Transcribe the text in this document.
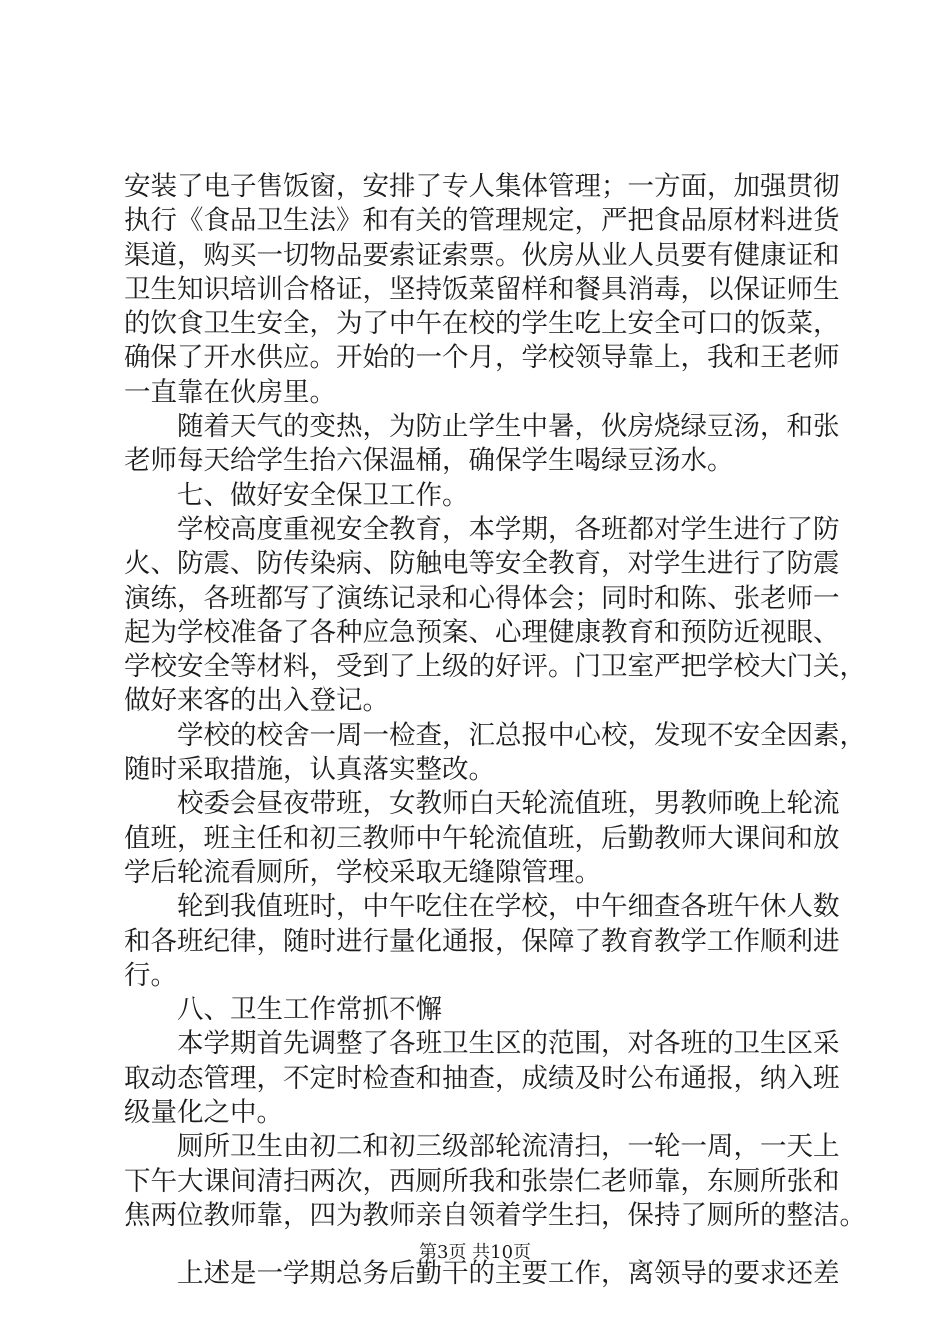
安装了电子售饭窗，安排了专人集体管理；一方面，加强贯彻
执行《食品卫生法》和有关的管理规定，严把食品原材料进货
渠道，购买一切物品要索证索票。伙房从业人员要有健康证和
卫生知识培训合格证，坚持饭菜留样和餐具消毒，以保证师生
的饮食卫生安全，为了中午在校的学生吃上安全可口的饭菜，
确保了开水供应。开始的一个月，学校领导靠上，我和王老师
一直靠在伙房里。
随着天气的变热，为防止学生中暑，伙房烧绿豆汤，和张
老师每天给学生抬六保温桶，确保学生喝绿豆汤水。
七、做好安全保卫工作。
学校高度重视安全教育，本学期，各班都对学生进行了防
火、防震、防传染病、防触电等安全教育，对学生进行了防震
演练，各班都写了演练记录和心得体会；同时和陈、张老师一
起为学校准备了各种应急预案、心理健康教育和预防近视眼、
学校安全等材料，受到了上级的好评。门卫室严把学校大门关，
做好来客的出入登记。
学校的校舍一周一检查，汇总报中心校，发现不安全因素，
随时采取措施，认真落实整改。
校委会昼夜带班，女教师白天轮流值班，男教师晚上轮流
值班，班主任和初三教师中午轮流值班，后勤教师大课间和放
学后轮流看厕所，学校采取无缝隙管理。
轮到我值班时，中午吃住在学校，中午细查各班午休人数
和各班纪律，随时进行量化通报，保障了教育教学工作顺利进
行。
八、卫生工作常抓不懈
本学期首先调整了各班卫生区的范围，对各班的卫生区采
取动态管理，不定时检查和抽查，成绩及时公布通报，纳入班
级量化之中。
厕所卫生由初二和初三级部轮流清扫，一轮一周，一天上
下午大课间清扫两次，西厕所我和张崇仁老师靠，东厕所张和
焦两位教师靠，四为教师亲自领着学生扫，保持了厕所的整洁。
上述是一学期总务后勤干的主要工作，离领导的要求还差
第3页 共10页
